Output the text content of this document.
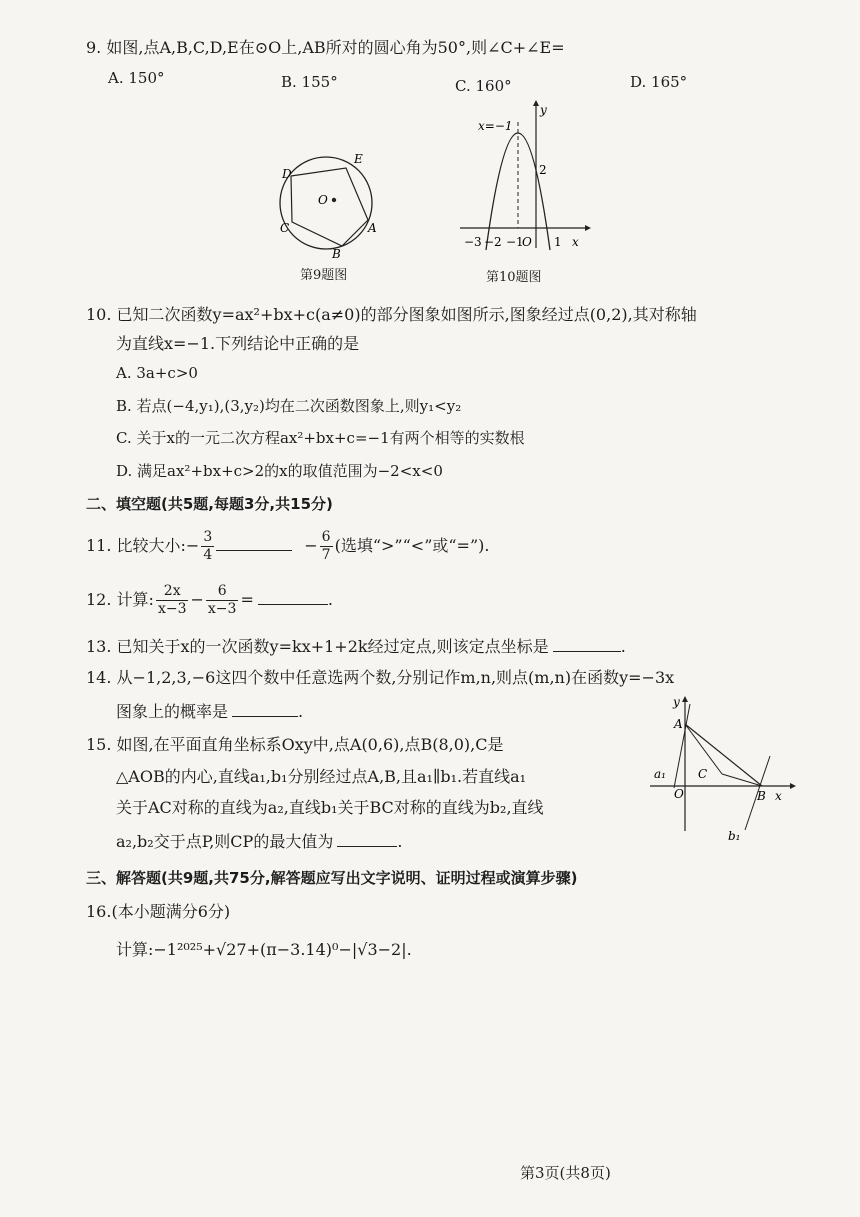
9. 如图,点A,B,C,D,E在⊙O上,AB所对的圆心角为50°,则∠C+∠E=
A. 150°	B. 155°	C. 160°	D. 165°
D
E
O
C	A
B
第9题图
x=−1
y
2
x
−3 −2 −1
O 1
第10题图
10. 已知二次函数y=ax²+bx+c(a≠0)的部分图象如图所示,图象经过点(0,2),其对称轴
为直线x=−1.下列结论中正确的是
A. 3a+c>0
B. 若点(−4,y₁),(3,y₂)均在二次函数图象上,则y₁<y₂
C. 关于x的一元二次方程ax²+bx+c=−1有两个相等的实数根
D. 满足ax²+bx+c>2的x的取值范围为−2<x<0
二、填空题(共5题,每题3分,共15分)
11. 比较大小:− $\frac{3}{4}$	− $\frac{6}{7}$ (选填“>”“<”或“=”).
12. 计算: $\frac{2x}{x-3} - \frac{6}{x-3}$ =	.
13. 已知关于x的一次函数y=kx+1+2k经过定点,则该定点坐标是	.
14. 从−1,2,3,−6这四个数中任意选两个数,分别记作m,n,则点(m,n)在函数y=−3x
图象上的概率是	.
15. 如图,在平面直角坐标系Oxy中,点A(0,6),点B(8,0),C是
△AOB的内心,直线a₁,b₁分别经过点A,B,且a₁∥b₁.若直线a₁
关于AC对称的直线为a₂,直线b₁关于BC对称的直线为b₂,直线
a₂,b₂交于点P,则CP的最大值为	.
y
A
a₁	C
O	B x
b₁
三、解答题(共9题,共75分,解答题应写出文字说明、证明过程或演算步骤)
16.(本小题满分6分)
计算:−1²⁰²⁵+√27+(π−3.14)⁰−|√3−2|.
第3页(共8页)
